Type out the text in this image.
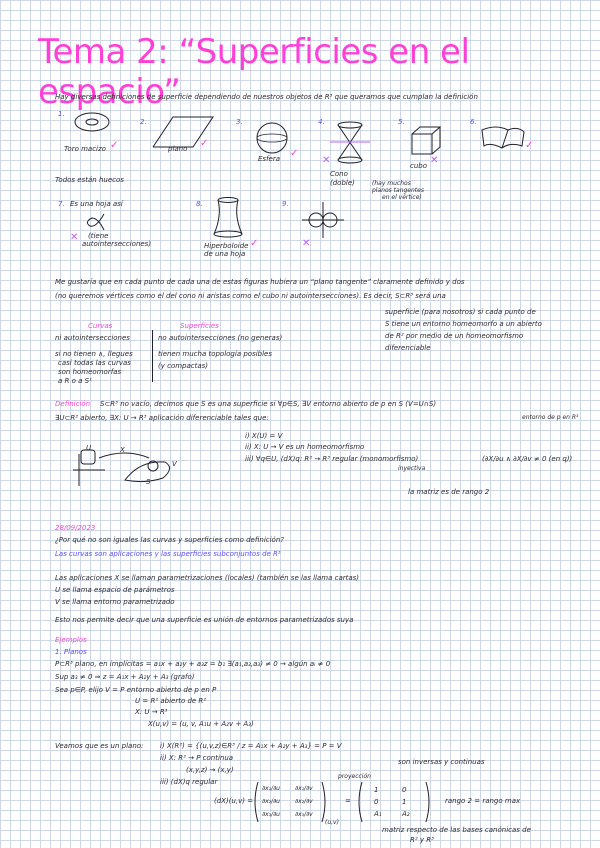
Tema 2: “Superficies en el espacio”
Hay diversas definiciones de superficie dependiendo de nuestros objetos de R³ que queramos que cumplan la definición
1.
Toro macizo ✓
2.
plano ✓
3.
Esfera ✓
4.
✕
Cono
(doble)	(hay muchos
planos tangentes
en el vértice)
5.
cubo ✕
6.
✓
Todos están huecos
7. Es una hoja así
✕ (tiene
autointersecciones)
8.
Hiperboloide
de una hoja
✓
9.
✕
Me gustaría que en cada punto de cada una de estas figuras hubiera un “plano tangente” claramente definido y dos
(no queremos vértices como el del cono ni aristas como el cubo ni autointersecciones). Es decir, S⊂R³ será una
superficie (para nosotros) si cada punto de
S tiene un entorno homeomorfo a un abierto
de R² por medio de un homeomorfismo
diferenciable
Curvas	Superficies
ni autointersecciones	no autointersecciones (no generas)
si no tienen ∧, llegues	tienen mucha topología posibles
casi todas las curvas	(y compactas)
son homeomorfas
a R o a S¹
Definición S⊂R³ no vacío, decimos que S es una superficie si ∀p∈S, ∃V entorno abierto de p en S (V=U∩S)
entorno de p en R³
∃U⊂R² abierto, ∃X: U → R³ aplicación diferenciable tales que:
i) X(U) = V
ii) X: U → V es un homeomorfismo
iii) ∀q∈U, (dX)q: R² → R³ regular (monomorfismo)
inyectiva
(∂X/∂u ∧ ∂X/∂v ≠ 0 (en q))
la matriz es de rango 2
U
V
X
S
28/09/2023
¿Por qué no son iguales las curvas y superficies como definición?
Las curvas son aplicaciones y las superficies subconjuntos de R³
Las aplicaciones X se llaman parametrizaciones (locales) (también se las llama cartas)
U se llama espacio de parámetros
V se llama entorno parametrizado
Esto nos permite decir que una superficie es unión de entornos parametrizados suya
Ejemplos
1. Planos
P⊂R³ plano, en implícitas = a₁x + a₂y + a₃z = b₁ ∃(a₁,a₂,a₃) ≠ 0 → algún aᵢ ≠ 0
Sup a₃ ≠ 0 ⇒ z = A₁x + A₂y + A₃ (grafo)
Sea p∈P, elijo V = P entorno abierto de p en P
U = R² abierto de R²
X: U → R³
X(u,v) = (u, v, A₁u + A₂v + A₃)
Veamos que es un plano: i) X(R²) = {(u,v,z)∈R³ / z = A₁x + A₂y + A₃} = P = V
ii) X: R² → P continua	son inversas y continuas
(x,y,z) → (x,y)
proyección
iii) (dX)q regular
(dX)(u,v) =
∂x₁/∂u	∂x₁/∂v
∂x₂/∂u	∂x₂/∂v
∂x₃/∂u	∂x₃/∂v
(u,v)
=
1	0
0	1
A₁	A₂
rango 2 = rango max
matriz respecto de las bases canónicas de
R² y R³
